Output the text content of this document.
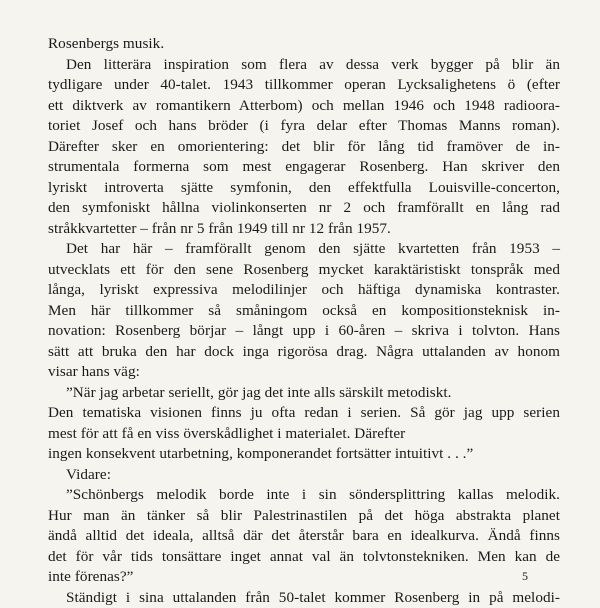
Rosenbergs musik.
Den litterära inspiration som flera av dessa verk bygger på blir än
tydligare under 40-talet. 1943 tillkommer operan Lycksalighetens ö (efter
ett diktverk av romantikern Atterbom) och mellan 1946 och 1948 radioora-
toriet Josef och hans bröder (i fyra delar efter Thomas Manns roman).
Därefter sker en omorientering: det blir för lång tid framöver de in-
strumentala formerna som mest engagerar Rosenberg. Han skriver den
lyriskt introverta sjätte symfonin, den effektfulla Louisville-concerton,
den symfoniskt hållna violinkonserten nr 2 och framförallt en lång rad
stråkkvartetter – från nr 5 från 1949 till nr 12 från 1957.
Det har här – framförallt genom den sjätte kvartetten från 1953 –
utvecklats ett för den sene Rosenberg mycket karaktäristiskt tonspråk med
långa, lyriskt expressiva melodilinjer och häftiga dynamiska kontraster.
Men här tillkommer så småningom också en kompositionsteknisk in-
novation: Rosenberg börjar – långt upp i 60-åren – skriva i tolvton. Hans
sätt att bruka den har dock inga rigorösa drag. Några uttalanden av honom
visar hans väg:
”När jag arbetar seriellt, gör jag det inte alls särskilt metodiskt.
Den tematiska visionen finns ju ofta redan i serien. Så gör jag upp serien
mest för att få en viss överskådlighet i materialet. Därefter
ingen konsekvent utarbetning, komponerandet fortsätter intuitivt . . .”
Vidare:
”Schönbergs melodik borde inte i sin söndersplittring kallas melodik.
Hur man än tänker så blir Palestrinastilen på det höga abstrakta planet
ändå alltid det ideala, alltså där det återstår bara en idealkurva. Ändå finns
det för vår tids tonsättare inget annat val än tolvtonstekniken. Men kan de
inte förenas?”
Ständigt i sina uttalanden från 50-talet kommer Rosenberg in på melodi-
5
